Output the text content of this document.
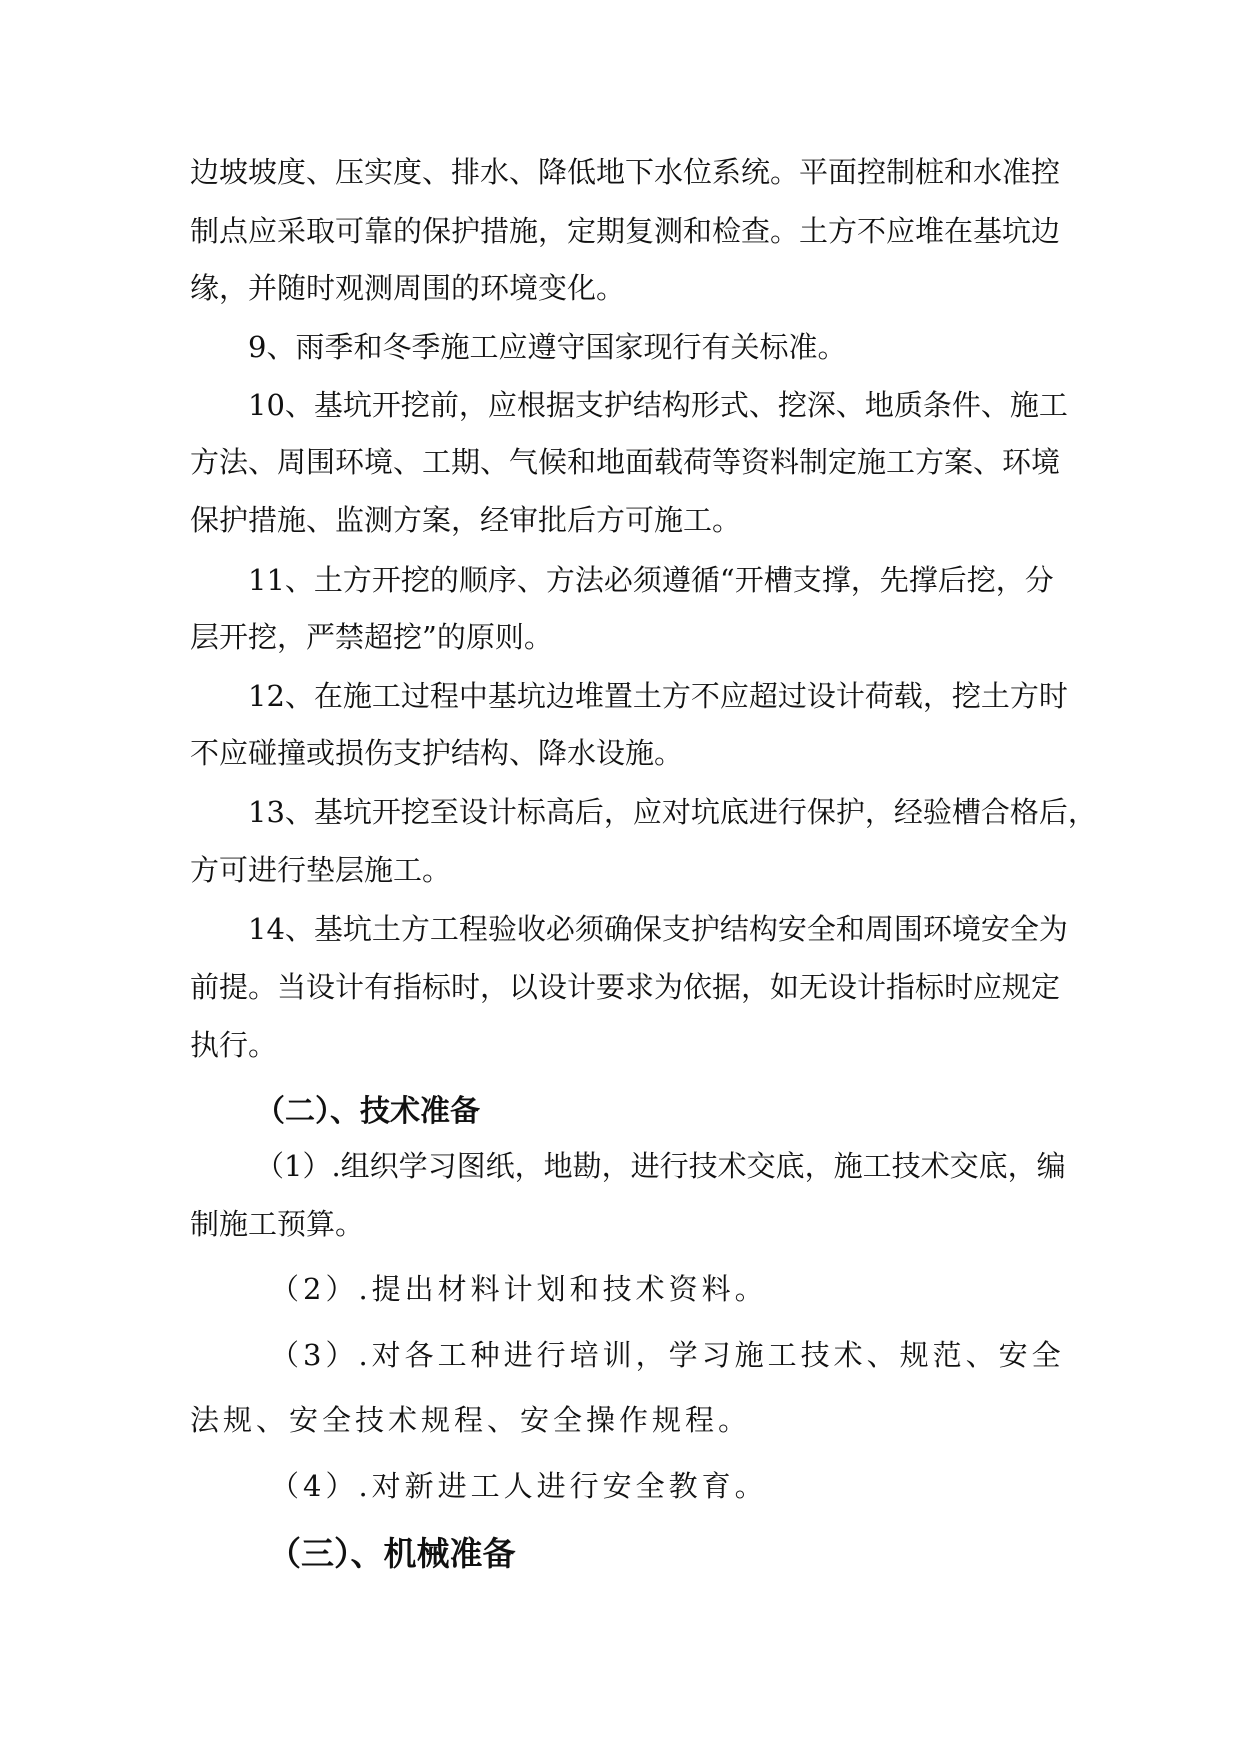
边坡坡度、压实度、排水、降低地下水位系统。平面控制桩和水准控

制点应采取可靠的保护措施，定期复测和检查。土方不应堆在基坑边

缘，并随时观测周围的环境变化。

9、雨季和冬季施工应遵守国家现行有关标准。

10、基坑开挖前，应根据支护结构形式、挖深、地质条件、施工

方法、周围环境、工期、气候和地面载荷等资料制定施工方案、环境

保护措施、监测方案，经审批后方可施工。

11、土方开挖的顺序、方法必须遵循“开槽支撑，先撑后挖，分

层开挖，严禁超挖”的原则。

12、在施工过程中基坑边堆置土方不应超过设计荷载，挖土方时

不应碰撞或损伤支护结构、降水设施。

13、基坑开挖至设计标高后，应对坑底进行保护，经验槽合格后，

方可进行垫层施工。

14、基坑土方工程验收必须确保支护结构安全和周围环境安全为

前提。当设计有指标时，以设计要求为依据，如无设计指标时应规定

执行。

（二）、技术准备

（1）.组织学习图纸，地勘，进行技术交底，施工技术交底，编

制施工预算。

（2）.提出材料计划和技术资料。

（3）.对各工种进行培训，学习施工技术、规范、安全

法规、安全技术规程、安全操作规程。

（4）.对新进工人进行安全教育。

（三）、机械准备
